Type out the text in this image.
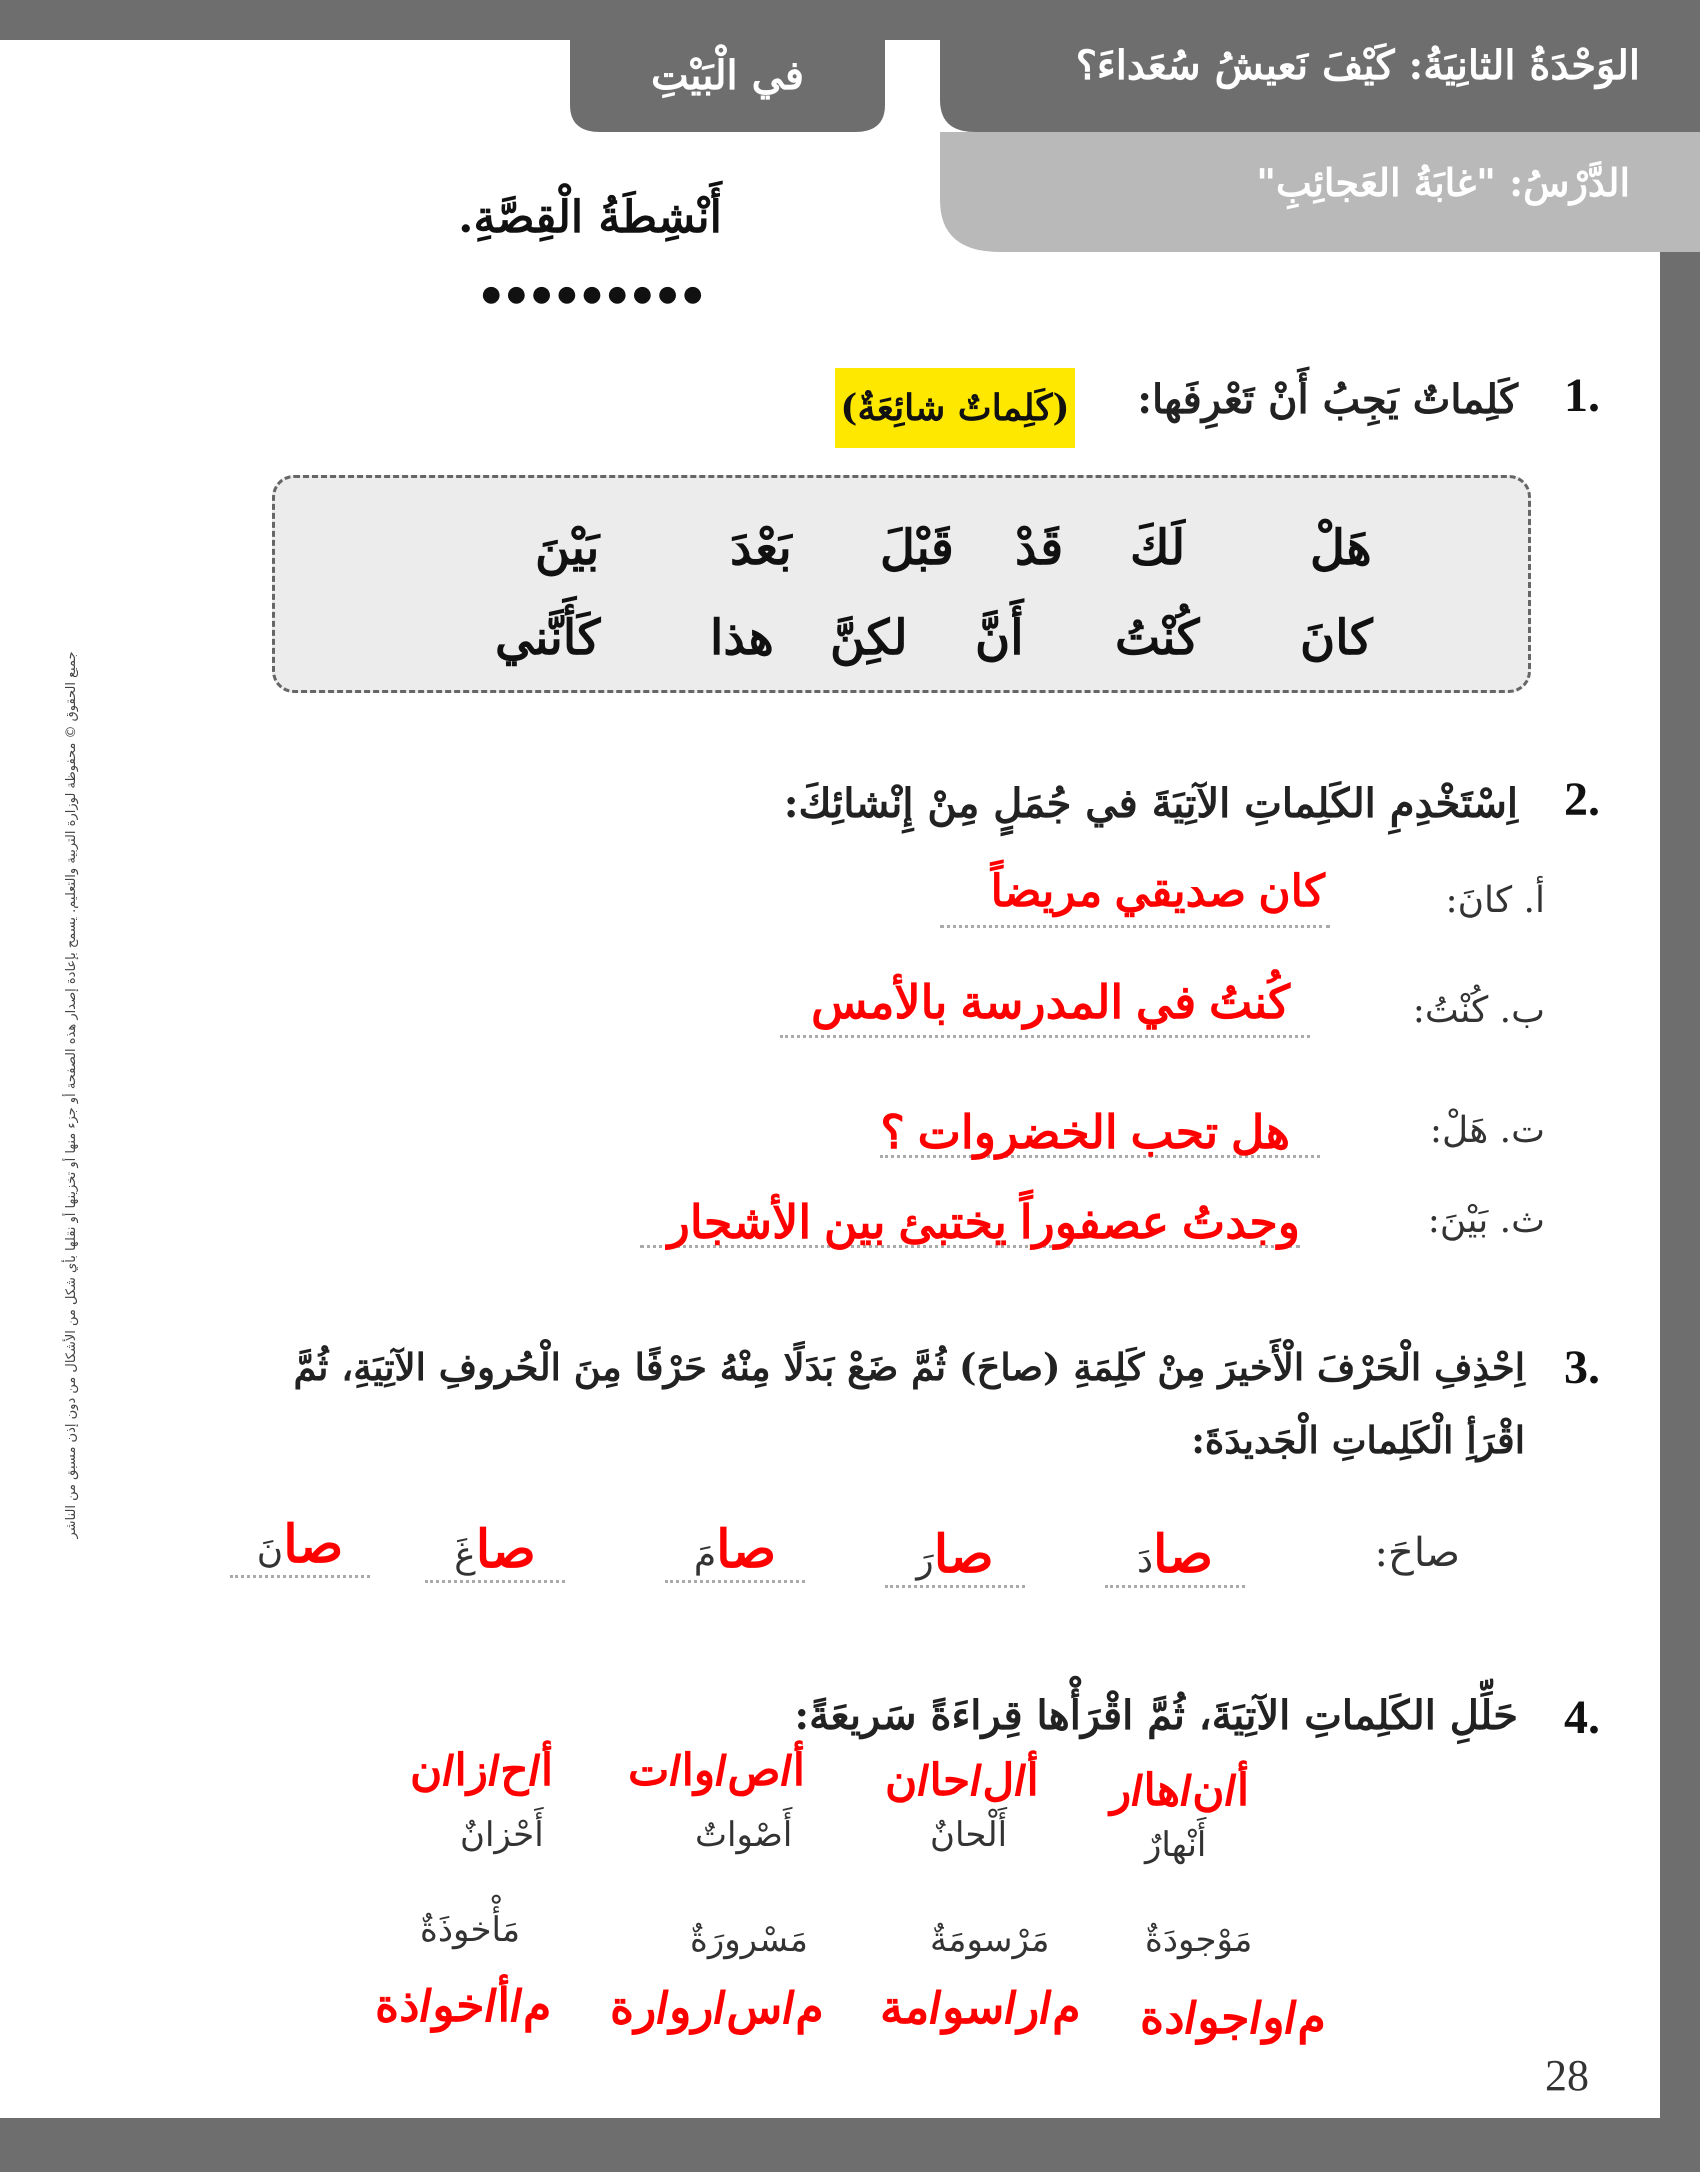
الوَحْدَةُ الثانِيَةُ: كَيْفَ نَعيشُ سُعَداءَ؟
في الْبَيْتِ
الدَّرْسُ: "غابَةُ العَجائِبِ"
أَنْشِطَةُ الْقِصَّةِ.
●●●●●●●●●
جميع الحقوق © محفوظة لوزارة التربية والتعليم. يسمح بإعادة إصدار هذه الصفحة أو جزء منها أو تخزينها أو نقلها بأي شكل من الأشكال من دون إذن مسبق من الناشر
1.
كَلِماتٌ يَجِبُ أَنْ تَعْرِفَها:
(كَلِماتٌ شائِعَةٌ)
هَلْ
لَكَ
قَدْ
قَبْلَ
بَعْدَ
بَيْنَ
كانَ
كُنْتُ
أَنَّ
لكِنَّ
هذا
كَأَنَّني
2.
اِسْتَخْدِمِ الكَلِماتِ الآتِيَةَ في جُمَلٍ مِنْ إِنْشائِكَ:
أ. كانَ:
كان صديقي مريضاً
ب. كُنْتُ:
كُنتُ في المدرسة بالأمس
ت. هَلْ:
هل تحب الخضروات ؟
ث. بَيْنَ:
وجدتُ عصفوراً يختبئ بين الأشجار
3.
اِحْذِفِ الْحَرْفَ الْأَخيرَ مِنْ كَلِمَةِ (صاحَ) ثُمَّ ضَعْ بَدَلًا مِنْهُ حَرْفًا مِنَ الْحُروفِ الآتِيَةِ، ثُمَّ
اقْرَأِ الْكَلِماتِ الْجَديدَةَ:
صاحَ:
صادَ
صارَ
صامَ
صاغَ
صانَ
4.
حَلِّلِ الكَلِماتِ الآتِيَةَ، ثُمَّ اقْرَأْها قِراءَةً سَريعَةً:
أ/ن/ها/ر
أ/ل/حا/ن
أ/ص/وا/ت
أ/ح/زا/ن
أَنْهارٌ
أَلْحانٌ
أَصْواتٌ
أَحْزانٌ
مَوْجودَةٌ
مَرْسومَةٌ
مَسْرورَةٌ
مَأْخوذَةٌ
م/و/جو/دة
م/ر/سو/مة
م/س/رو/رة
م/أ/خو/ذة
28
